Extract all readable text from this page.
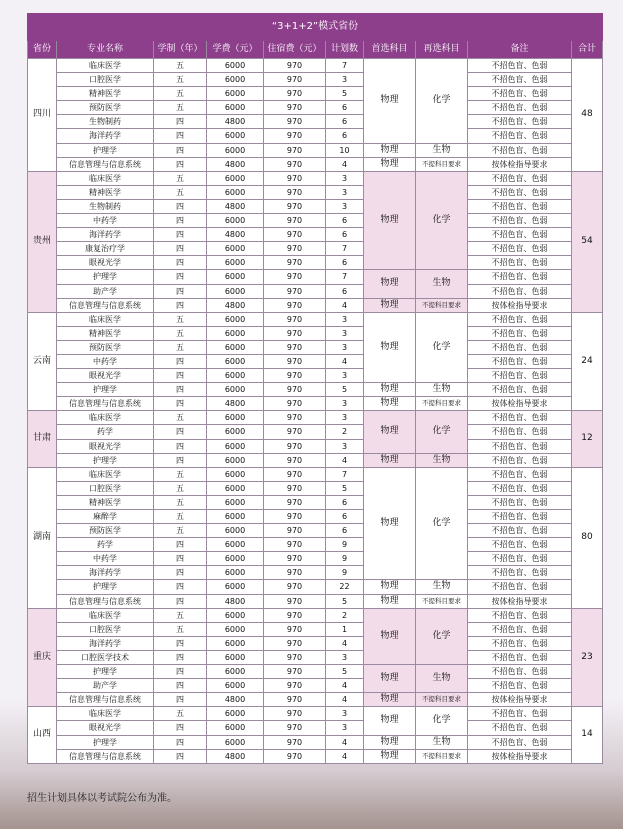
“3+1+2”模式省份									
省份	专业名称	学制（年）	学费（元）	住宿费（元）	计划数	首选科目	再选科目	备注	合计
四川	临床医学	五	6000	970	7	物理	化学	不招色盲、色弱	48
	口腔医学	五	6000	970	3			不招色盲、色弱	
	精神医学	五	6000	970	5			不招色盲、色弱	
	预防医学	五	6000	970	6			不招色盲、色弱	
	生物制药	四	4800	970	6			不招色盲、色弱	
	海洋药学	四	6000	970	6			不招色盲、色弱	
	护理学	四	6000	970	10	物理	生物	不招色盲、色弱	
	信息管理与信息系统	四	4800	970	4	物理	不提科目要求	按体检指导要求	
贵州	临床医学	五	6000	970	3	物理	化学	不招色盲、色弱	54
	精神医学	五	6000	970	3			不招色盲、色弱	
	生物制药	四	4800	970	3			不招色盲、色弱	
	中药学	四	6000	970	6			不招色盲、色弱	
	海洋药学	四	4800	970	6			不招色盲、色弱	
	康复治疗学	四	6000	970	7			不招色盲、色弱	
	眼视光学	四	6000	970	6			不招色盲、色弱	
	护理学	四	6000	970	7	物理	生物	不招色盲、色弱	
	助产学	四	6000	970	6			不招色盲、色弱	
	信息管理与信息系统	四	4800	970	4	物理	不提科目要求	按体检指导要求	
云南	临床医学	五	6000	970	3	物理	化学	不招色盲、色弱	24
	精神医学	五	6000	970	3			不招色盲、色弱	
	预防医学	五	6000	970	3			不招色盲、色弱	
	中药学	四	6000	970	4			不招色盲、色弱	
	眼视光学	四	6000	970	3			不招色盲、色弱	
	护理学	四	6000	970	5	物理	生物	不招色盲、色弱	
	信息管理与信息系统	四	4800	970	3	物理	不提科目要求	按体检指导要求	
甘肃	临床医学	五	6000	970	3	物理	化学	不招色盲、色弱	12
	药学	四	6000	970	2			不招色盲、色弱	
	眼视光学	四	6000	970	3			不招色盲、色弱	
	护理学	四	6000	970	4	物理	生物	不招色盲、色弱	
湖南	临床医学	五	6000	970	7	物理	化学	不招色盲、色弱	80
	口腔医学	五	6000	970	5			不招色盲、色弱	
	精神医学	五	6000	970	6			不招色盲、色弱	
	麻醉学	五	6000	970	6			不招色盲、色弱	
	预防医学	五	6000	970	6			不招色盲、色弱	
	药学	四	6000	970	9			不招色盲、色弱	
	中药学	四	6000	970	9			不招色盲、色弱	
	海洋药学	四	6000	970	9			不招色盲、色弱	
	护理学	四	6000	970	22	物理	生物	不招色盲、色弱	
	信息管理与信息系统	四	4800	970	5	物理	不提科目要求	按体检指导要求	
重庆	临床医学	五	6000	970	2	物理	化学	不招色盲、色弱	23
	口腔医学	五	6000	970	1			不招色盲、色弱	
	海洋药学	四	6000	970	4			不招色盲、色弱	
	口腔医学技术	四	6000	970	3			不招色盲、色弱	
	护理学	四	6000	970	5	物理	生物	不招色盲、色弱	
	助产学	四	6000	970	4			不招色盲、色弱	
	信息管理与信息系统	四	4800	970	4	物理	不提科目要求	按体检指导要求	
山西	临床医学	五	6000	970	3	物理	化学	不招色盲、色弱	14
	眼视光学	四	6000	970	3			不招色盲、色弱	
	护理学	四	6000	970	4	物理	生物	不招色盲、色弱	
	信息管理与信息系统	四	4800	970	4	物理	不提科目要求	按体检指导要求	
招生计划具体以考试院公布为准。
